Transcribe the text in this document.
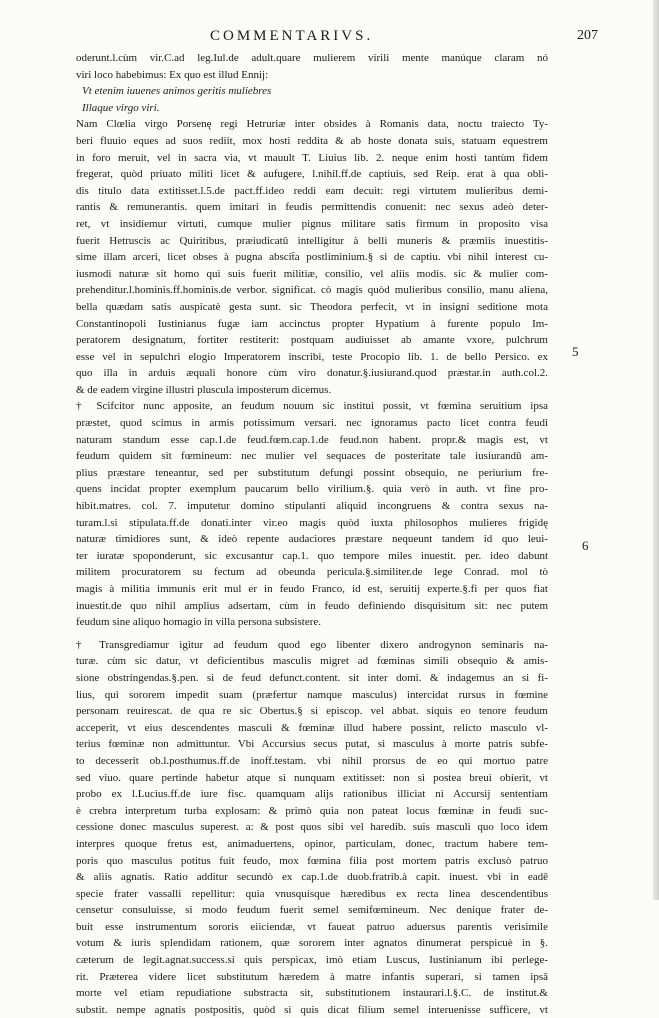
COMMENTARIVS.	207
oderunt.l.cùm vir.C.ad leg.Iul.de adult.quare mulierem virili mente manúque claram nó
viri loco habebimus: Ex quo est illud Ennij:
Vt etenim iuuenes animos geritis muliebres
Illaque virgo viri.
Nam Clœlia virgo Porsenę regi Hetruriæ inter obsides à Romanis data, noctu traiecto Ty-
beri fluuio eques ad suos rediit, mox hosti reddita & ab hoste donata suis, statuam equestrem
in foro meruit, vel in sacra via, vt mauult T. Liuius lib. 2. neque enim hosti tantùm fidem
fregerat, quòd priuato militi licet & aufugere, l.nihil.ff.de captiuis, sed Reip. erat à qua obli-
dis titulo data extitisset.l.5.de pact.ff.ideo reddi eam decuit: regi virtutem mulieribus demi-
rantis & remunerantis. quem imitari in feudis permittendis conuenit: nec sexus adeò deter-
ret, vt insidiemur virtuti, cumque mulier pignus militare satis firmum in proposito visa
fuerit Hetruscis ac Quiritibus, præiudicatū intelligitur à belli muneris & præmiis inuestitis-
sime illam arceri, licet obses à pugna abscit̄a postliminium.§ si de captiu. vbi nihil interest cu-
iusmodi naturæ sit homo qui suis fuerit militiæ, consilio, vel aliis modis. sic & mulier com-
prehenditur.l.hominis.ff.hominis.de verbor. significat. cò magis quòd mulieribus consilio, manu aliena,
bella quædam satis auspicatè gesta sunt. sic Theodora perfecit, vt in insigni seditione mota
Constantinopoli Iustinianus fugæ iam accinctus propter Hypatium à furente populo Im-
peratorem designatum, fortiter restiterit: postquam audiuisset ab amante vxore, pulchrum
esse vel in sepulchri elogio Imperatorem inscribi, teste Procopio lib. 1. de bello Persico. ex
quo illa in arduis æquali honore cùm viro donatur.§.iusiurand.quod præstar.in auth.col.2.
& de eadem virgine illustri pluscula imposterum dicemus.
† Scifcitor nunc apposite, an feudum nouum sic institui possit, vt fœmina seruitium ipsa
præstet, quod scimus in armis potissimum versari. nec ignoramus pacto licet contra feudi
naturam standum esse cap.1.de feud.fœm.cap.1.de feud.non habent. propr.& magis est, vt
feudum quidem sit fœmineum: nec mulier vel sequaces de posteritate tale iusiurandū am-
plius præstare teneantur, sed per substitutum defungi possint obsequio, ne periurium fre-
quens incidat propter exemplum paucarum bello virilium.§. quia verò in auth. vt fine pro-
hibit.matres. col. 7. imputetur domino stipulanti aliquid incongruens & contra sexus na-
turam.l.si stipulata.ff.de donati.inter vir.eo magis quòd iuxta philosophos mulieres frigidę
naturæ timidiores sunt, & ideò repente audaciores præstare nequeunt tandem id quo leui-
ter iuratæ spoponderunt, sic excusantur cap.1. quo tempore miles inuestit. per. ideo dabunt
militem procuratorem su fectum ad obeunda pericula.§.similiter.de lege Conrad. mol tò
magis à militia immunis erit mul er in feudo Franco, id est, seruitij experte.§.fi per quos fiat
inuestit.de quo nihil amplius adsertam, cùm in feudo definiendo disquisitum sit: nec putem
feudum sine aliquo homagio in villa persona subsistere.
† Transgrediamur igitur ad feudum quod ego libenter dixero androgynon seminaris na-
turæ. cùm sic datur, vt deficientibus masculis migret ad fœminas simili obsequio & amis-
sione obstringendas.§.pen. si de feud defunct.content. sit inter domi. & indagemus an si fi-
lius, qui sororem impedit suam (præfertur namque masculus) intercidat rursus in fœmine
personam reuirescat. de qua re sic Obertus.§ si episcop. vel abbat. siquis eo tenore feudum
acceperit, vt eius descendentes masculi & fœminæ illud habere possint, relicto masculo vl-
terius fœminæ non admittuntur. Vbi Accursius secus putat, si masculus à morte patris subfe-
to decesserit ob.l.posthumus.ff.de inoff.testam. vbi nihil prorsus de eo qui mortuo patre
sed viuo. quare pertinde habetur atque si nunquam extitisset: non si postea breui obierit, vt
probo ex l.Lucius.ff.de iure fisc. quamquam alijs rationibus illiciat ni Accursij sententiam
è crebra interpretum turba explosam: & primò quia non pateat locus fœminæ in feudi suc-
cessione donec masculus superest. a: & post quos sibi vel haredib. suis masculi quo loco idem
interpres quoque fretus est, animaduertens, opinor, particulam, donec, tractum habere tem-
poris quo masculus potitus fuit feudo, mox fœmina filia post mortem patris exclusò patruo
& aliis agnatis. Ratio additur secundò ex cap.1.de duob.fratrib.à capit. inuest. vbi in eadē
specie frater vassalli repellitur: quia vnusquisque hæredibus ex recta linea descendentibus
censetur consuluisse, si modo feudum fuerit semel semifœmineum. Nec denique frater de-
buit esse instrumentum sororis eiiciendæ, vt faueat patruo aduersus parentis verisimile
votum & iuris splendidam rationem, quæ sororem inter agnatos dinumerat perspicuè in §.
cæterum de legit.agnat.success.si quis perspicax, imò etiam Luscus, Iustinianum ibi perlege-
rit. Præterea videre licet substitutum hæredem à matre infantis superari, si tamen ipsā
morte vel etiam repudiatione substracta sit, substitutionem instaurari.l.§.C. de institut.&
substit. nempe agnatis postpositis, quòd si quis dicat filium semel interuenisse sufficere, vt
5
6
